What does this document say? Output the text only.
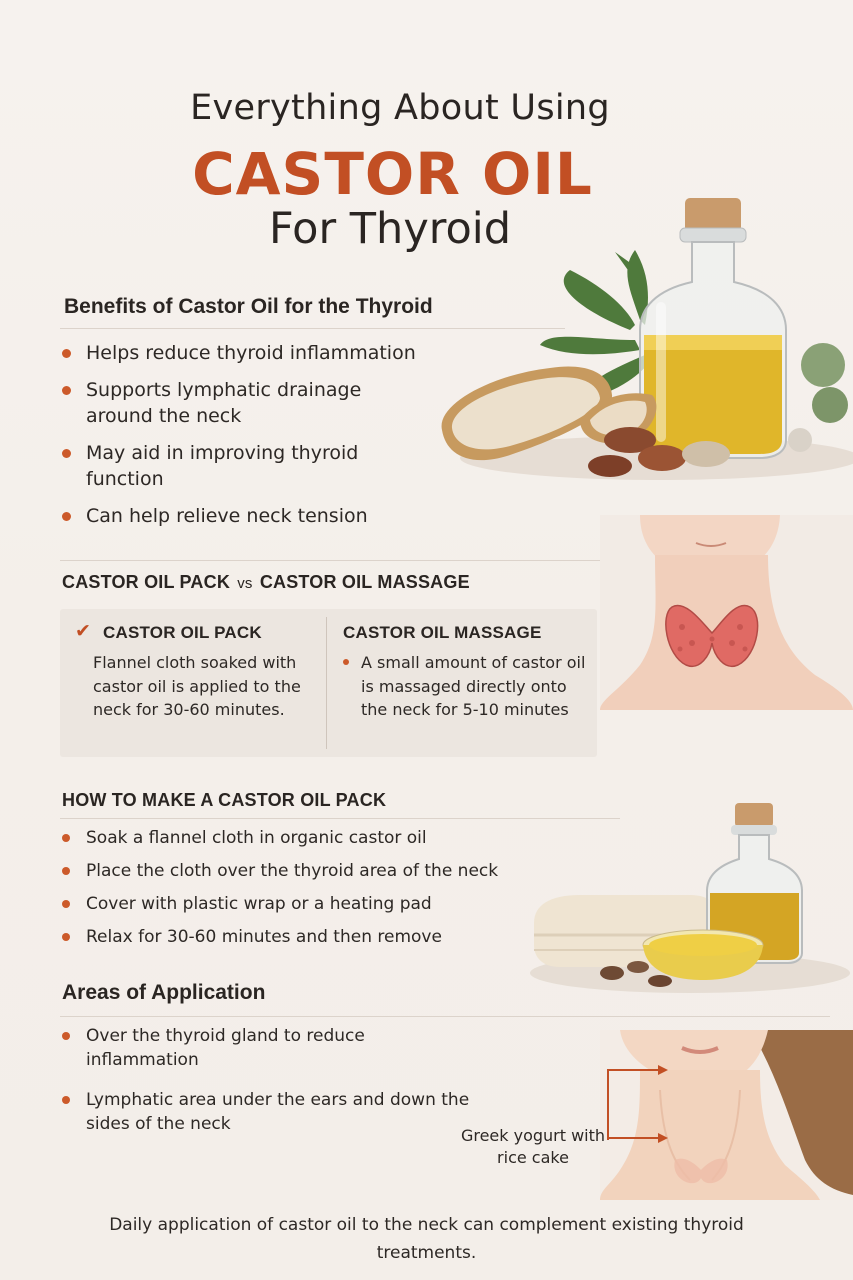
Everything About Using
CASTOR OIL
For Thyroid
Benefits of Castor Oil for the Thyroid
Helps reduce thyroid inflammation
Supports lymphatic drainage around the neck
May aid in improving thyroid function
Can help relieve neck tension
CASTOR OIL PACK vs CASTOR OIL MASSAGE
✔ CASTOR OIL PACK
Flannel cloth soaked with castor oil is applied to the neck for 30-60 minutes.
CASTOR OIL MASSAGE
A small amount of castor oil is massaged directly onto the neck for 5-10 minutes
HOW TO MAKE A CASTOR OIL PACK
Soak a flannel cloth in organic castor oil
Place the cloth over the thyroid area of the neck
Cover with plastic wrap or a heating pad
Relax for 30-60 minutes and then remove
Areas of Application
Over the thyroid gland to reduce inflammation
Lymphatic area under the ears and down the sides of the neck
Greek yogurt with rice cake
Daily application of castor oil to the neck can complement existing thyroid treatments.
